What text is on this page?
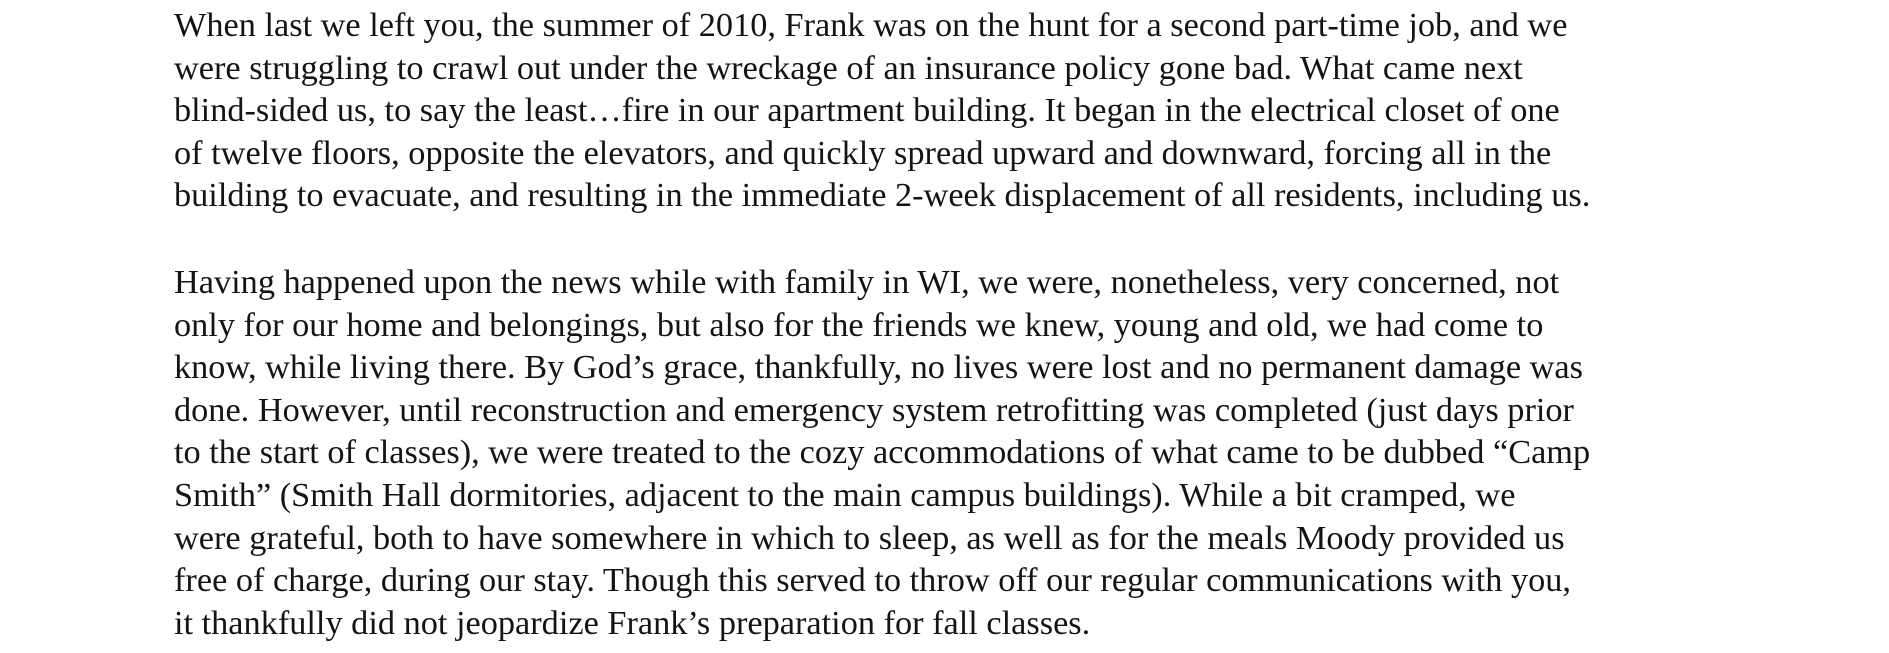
When last we left you, the summer of 2010, Frank was on the hunt for a second part-time job, and we
were struggling to crawl out under the wreckage of an insurance policy gone bad. What came next
blind-sided us, to say the least…fire in our apartment building. It began in the electrical closet of one
of twelve floors, opposite the elevators, and quickly spread upward and downward, forcing all in the
building to evacuate, and resulting in the immediate 2-week displacement of all residents, including us.

Having happened upon the news while with family in WI, we were, nonetheless, very concerned, not
only for our home and belongings, but also for the friends we knew, young and old, we had come to
know, while living there. By God’s grace, thankfully, no lives were lost and no permanent damage was
done. However, until reconstruction and emergency system retrofitting was completed (just days prior
to the start of classes), we were treated to the cozy accommodations of what came to be dubbed “Camp
Smith” (Smith Hall dormitories, adjacent to the main campus buildings). While a bit cramped, we
were grateful, both to have somewhere in which to sleep, as well as for the meals Moody provided us
free of charge, during our stay. Though this served to throw off our regular communications with you,
it thankfully did not jeopardize Frank’s preparation for fall classes.
